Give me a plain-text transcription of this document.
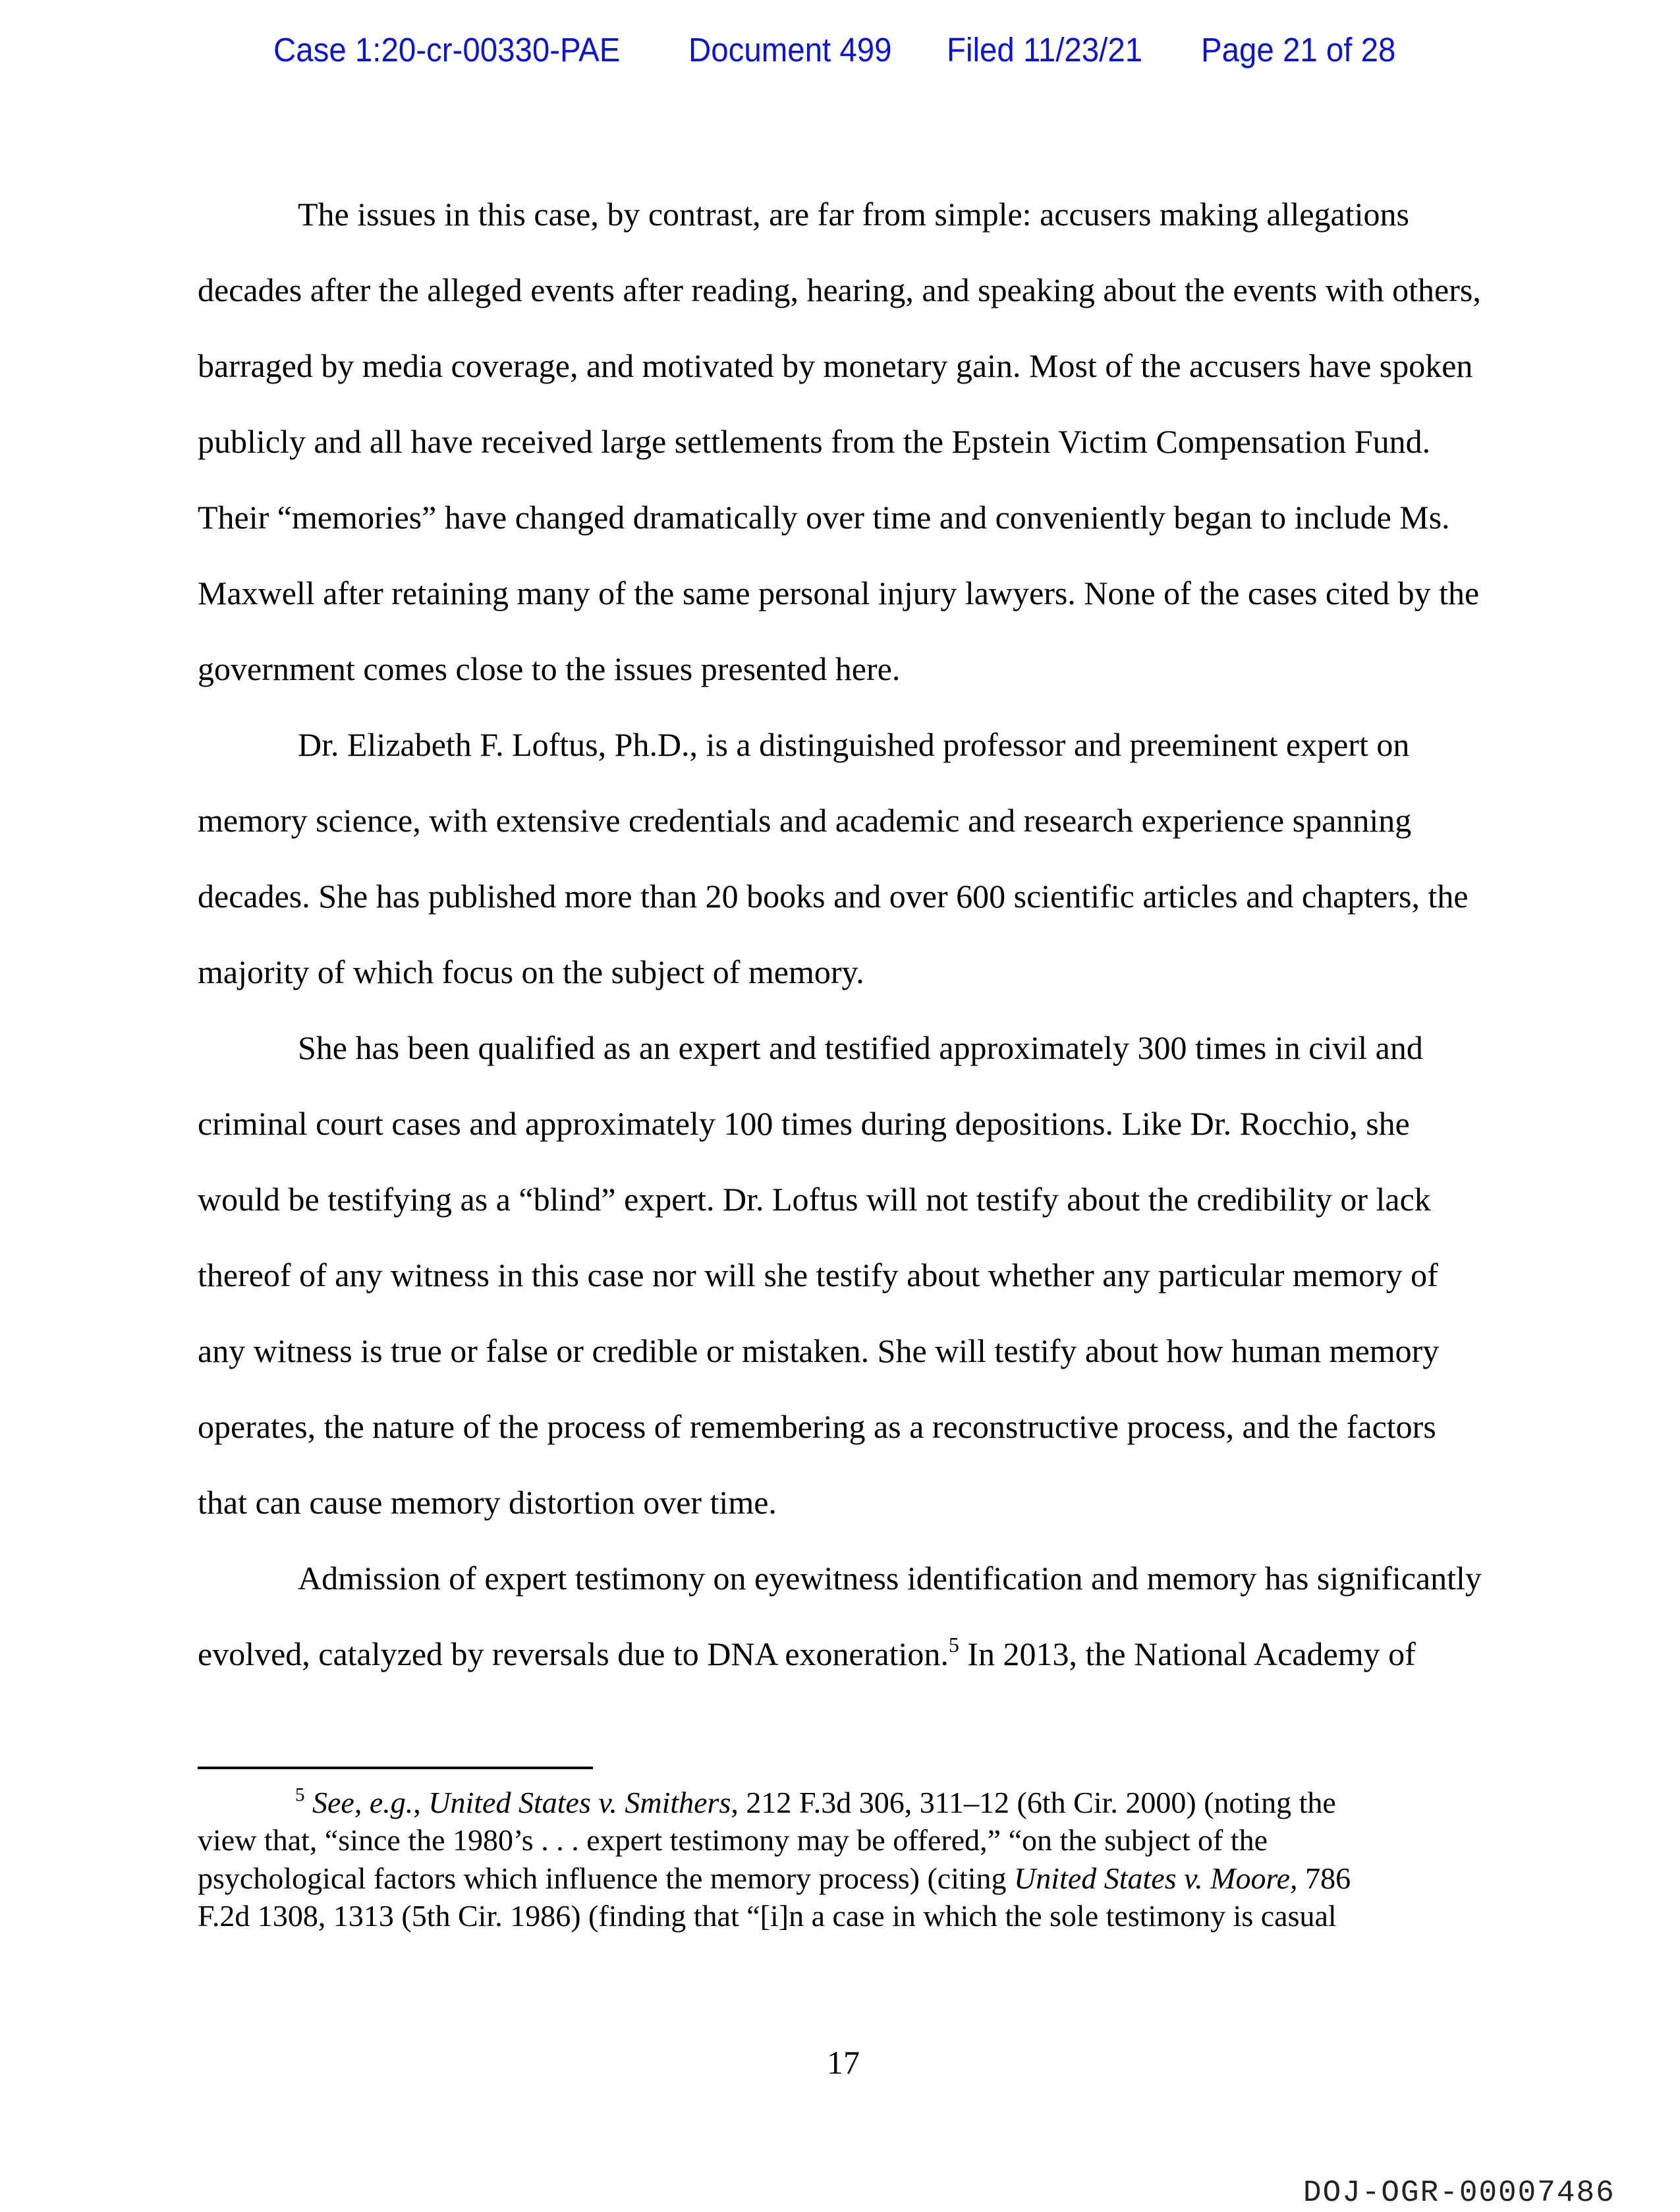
Case 1:20-cr-00330-PAE Document 499 Filed 11/23/21 Page 21 of 28
The issues in this case, by contrast, are far from simple: accusers making allegations
decades after the alleged events after reading, hearing, and speaking about the events with others,
barraged by media coverage, and motivated by monetary gain. Most of the accusers have spoken
publicly and all have received large settlements from the Epstein Victim Compensation Fund.
Their “memories” have changed dramatically over time and conveniently began to include Ms.
Maxwell after retaining many of the same personal injury lawyers. None of the cases cited by the
government comes close to the issues presented here.
Dr. Elizabeth F. Loftus, Ph.D., is a distinguished professor and preeminent expert on
memory science, with extensive credentials and academic and research experience spanning
decades. She has published more than 20 books and over 600 scientific articles and chapters, the
majority of which focus on the subject of memory.
She has been qualified as an expert and testified approximately 300 times in civil and
criminal court cases and approximately 100 times during depositions. Like Dr. Rocchio, she
would be testifying as a “blind” expert. Dr. Loftus will not testify about the credibility or lack
thereof of any witness in this case nor will she testify about whether any particular memory of
any witness is true or false or credible or mistaken. She will testify about how human memory
operates, the nature of the process of remembering as a reconstructive process, and the factors
that can cause memory distortion over time.
Admission of expert testimony on eyewitness identification and memory has significantly
evolved, catalyzed by reversals due to DNA exoneration.$^5$ In 2013, the National Academy of
$^5$ See, e.g., United States v. Smithers, 212 F.3d 306, 311–12 (6th Cir. 2000) (noting the
view that, “since the 1980’s . . . expert testimony may be offered,” “on the subject of the
psychological factors which influence the memory process) (citing United States v. Moore, 786
F.2d 1308, 1313 (5th Cir. 1986) (finding that “[i]n a case in which the sole testimony is casual
17
DOJ-OGR-00007486
